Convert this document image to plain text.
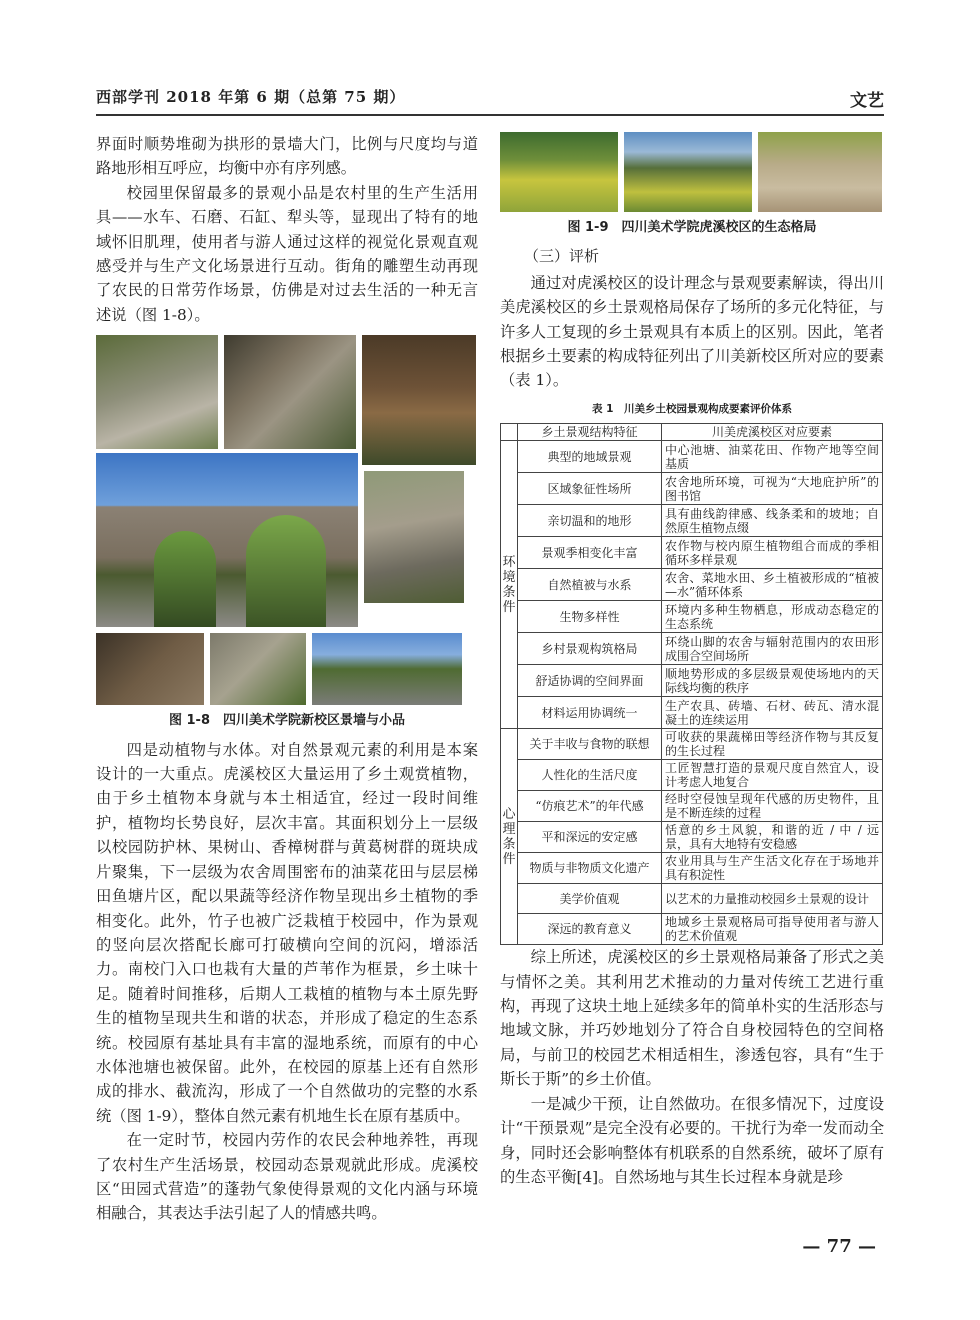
西部学刊 2018 年第 6 期（总第 75 期）	文艺

界面时顺势堆砌为拱形的景墙大门，比例与尺度均与道路地形相互呼应，均衡中亦有序列感。

校园里保留最多的景观小品是农村里的生产生活用具——水车、石磨、石缸、犁头等，显现出了特有的地域怀旧肌理，使用者与游人通过这样的视觉化景观直观感受并与生产文化场景进行互动。街角的雕塑生动再现了农民的日常劳作场景，仿佛是对过去生活的一种无言述说（图 1-8）。

图 1-8　四川美术学院新校区景墙与小品

四是动植物与水体。对自然景观元素的利用是本案设计的一大重点。虎溪校区大量运用了乡土观赏植物，由于乡土植物本身就与本土相适宜，经过一段时间维护，植物均长势良好，层次丰富。其面积划分上一层级以校园防护林、果树山、香樟树群与黄葛树群的斑块成片聚集，下一层级为农舍周围密布的油菜花田与层层梯田鱼塘片区，配以果蔬等经济作物呈现出乡土植物的季相变化。此外，竹子也被广泛栽植于校园中，作为景观的竖向层次搭配长廊可打破横向空间的沉闷，增添活力。南校门入口也栽有大量的芦苇作为框景，乡土味十足。随着时间推移，后期人工栽植的植物与本土原先野生的植物呈现共生和谐的状态，并形成了稳定的生态系统。校园原有基址具有丰富的湿地系统，而原有的中心水体池塘也被保留。此外，在校园的原基上还有自然形成的排水、截流沟，形成了一个自然做功的完整的水系统（图 1-9），整体自然元素有机地生长在原有基质中。

在一定时节，校园内劳作的农民会种地养牲，再现了农村生产生活场景，校园动态景观就此形成。虎溪校区“田园式营造”的蓬勃气象使得景观的文化内涵与环境相融合，其表达手法引起了人的情感共鸣。

图 1-9　四川美术学院虎溪校区的生态格局
（三）评析

通过对虎溪校区的设计理念与景观要素解读，得出川美虎溪校区的乡土景观格局保存了场所的多元化特征，与许多人工复现的乡土景观具有本质上的区别。因此，笔者根据乡土要素的构成特征列出了川美新校区所对应的要素（表 1）。

表 1　川美乡土校园景观构成要素评价体系
	乡土景观结构特征	川美虎溪校区对应要素
环境条件	典型的地域景观	中心池塘、油菜花田、作物产地等空间基质
	区域象征性场所	农舍地所环境，可视为“大地庇护所”的图书馆
	亲切温和的地形	具有曲线韵律感、线条柔和的坡地；自然原生植物点缀
	景观季相变化丰富	农作物与校内原生植物组合而成的季相循环多样景观
	自然植被与水系	农舍、菜地水田、乡土植被形成的“植被—水”循环体系
	生物多样性	环境内多种生物栖息，形成动态稳定的生态系统
	乡村景观构筑格局	环绕山脚的农舍与辐射范围内的农田形成围合空间场所
	舒适协调的空间界面	顺地势形成的多层级景观使场地内的天际线均衡的秩序
	材料运用协调统一	生产农具、砖墙、石材、砖瓦、清水混凝土的连续运用
心理条件	关于丰收与食物的联想	可收获的果蔬梯田等经济作物与其反复的生长过程
	人性化的生活尺度	工匠智慧打造的景观尺度自然宜人，设计考虑人地复合
	“仿痕艺术”的年代感	经时空侵蚀呈现年代感的历史物件，且是不断连续的过程
	平和深远的安定感	恬意的乡土风貌，和谐的近 / 中 / 远景，具有大地特有安稳感
	物质与非物质文化遗产	农业用具与生产生活文化存在于场地并具有积淀性
	美学价值观	以艺术的力量推动校园乡土景观的设计
	深远的教育意义	地域乡土景观格局可指导使用者与游人的艺术价值观

综上所述，虎溪校区的乡土景观格局兼备了形式之美与情怀之美。其利用艺术推动的力量对传统工艺进行重构，再现了这块土地上延续多年的简单朴实的生活形态与地域文脉，并巧妙地划分了符合自身校园特色的空间格局，与前卫的校园艺术相适相生，渗透包容，具有“生于斯长于斯”的乡土价值。

一是减少干预，让自然做功。在很多情况下，过度设计“干预景观”是完全没有必要的。干扰行为牵一发而动全身，同时还会影响整体有机联系的自然系统，破坏了原有的生态平衡[4]。自然场地与其生长过程本身就是珍

— 77 —
